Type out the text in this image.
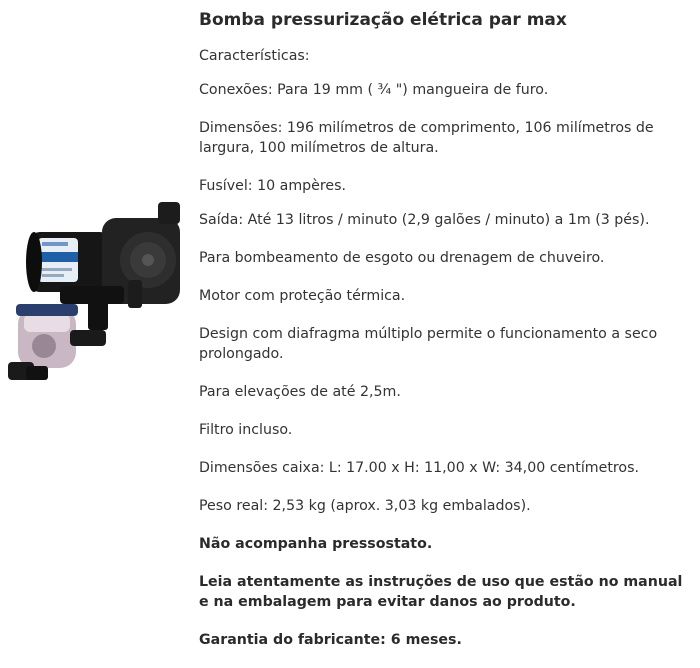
Bomba pressurização elétrica par max
Características:
Conexões: Para 19 mm ( ¾ ") mangueira de furo.
Dimensões: 196 milímetros de comprimento, 106 milímetros de largura, 100 milímetros de altura.
Fusível: 10 ampères.
Saída: Até 13 litros / minuto (2,9 galões / minuto) a 1m (3 pés).
Para bombeamento de esgoto ou drenagem de chuveiro.
Motor com proteção térmica.
Design com diafragma múltiplo permite o funcionamento a seco prolongado.
Para elevações de até 2,5m.
Filtro incluso.
Dimensões caixa: L: 17.00 x H: 11,00 x W: 34,00 centímetros.
Peso real: 2,53 kg (aprox. 3,03 kg embalados).
Não acompanha pressostato.
Leia atentamente as instruções de uso que estão no manual e na embalagem para evitar danos ao produto.
Garantia do fabricante: 6 meses.
